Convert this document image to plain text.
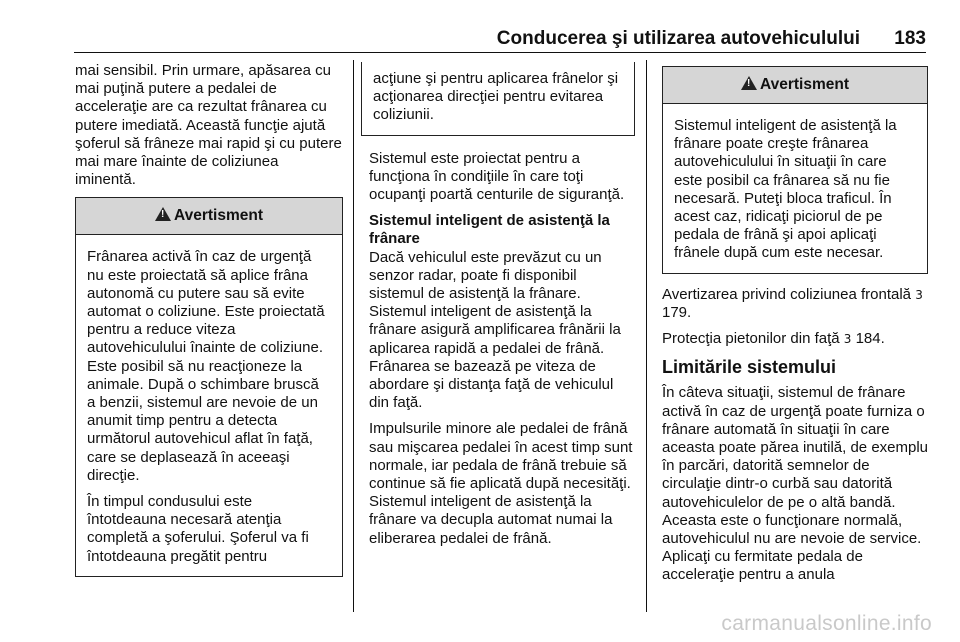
Conducerea şi utilizarea autovehiculului 183

mai sensibil. Prin urmare, apăsarea cu mai puţină putere a pedalei de acceleraţie are ca rezultat frânarea cu putere imediată. Această funcţie ajută şoferul să frâneze mai rapid şi cu putere mai mare înainte de coliziunea iminentă.

!Avertisment

Frânarea activă în caz de urgenţă nu este proiectată să aplice frâna autonomă cu putere sau să evite automat o coliziune. Este proiectată pentru a reduce viteza autovehiculului înainte de coliziune. Este posibil să nu reacţioneze la animale. După o schimbare bruscă a benzii, sistemul are nevoie de un anumit timp pentru a detecta următorul autovehicul aflat în faţă, care se deplasează în aceeaşi direcţie.

În timpul condusului este întotdeauna necesară atenţia completă a şoferului. Şoferul va fi întotdeauna pregătit pentru

acţiune şi pentru aplicarea frânelor şi acţionarea direcţiei pentru evitarea coliziunii.

Sistemul este proiectat pentru a funcţiona în condiţiile în care toţi ocupanţi poartă centurile de siguranţă.

Sistemul inteligent de asistenţă la frânare

Dacă vehiculul este prevăzut cu un senzor radar, poate fi disponibil sistemul de asistenţă la frânare. Sistemul inteligent de asistenţă la frânare asigură amplificarea frânării la aplicarea rapidă a pedalei de frână. Frânarea se bazează pe viteza de abordare şi distanţa faţă de vehiculul din faţă.

Impulsurile minore ale pedalei de frână sau mişcarea pedalei în acest timp sunt normale, iar pedala de frână trebuie să continue să fie aplicată după necesităţi. Sistemul inteligent de asistenţă la frânare va decupla automat numai la eliberarea pedalei de frână.

!Avertisment

Sistemul inteligent de asistenţă la frânare poate creşte frânarea autovehiculului în situaţii în care este posibil ca frânarea să nu fie necesară. Puteţi bloca traficul. În acest caz, ridicaţi piciorul de pe pedala de frână şi apoi aplicaţi frânele după cum este necesar.

Avertizarea privind coliziunea frontală 3 179.

Protecţia pietonilor din faţă 3 184.

Limitările sistemului

În câteva situaţii, sistemul de frânare activă în caz de urgenţă poate furniza o frânare automată în situaţii în care aceasta poate părea inutilă, de exemplu în parcări, datorită semnelor de circulaţie dintr-o curbă sau datorită autovehiculelor de pe o altă bandă. Aceasta este o funcţionare normală, autovehiculul nu are nevoie de service. Aplicaţi cu fermitate pedala de acceleraţie pentru a anula

carmanualsonline.info
